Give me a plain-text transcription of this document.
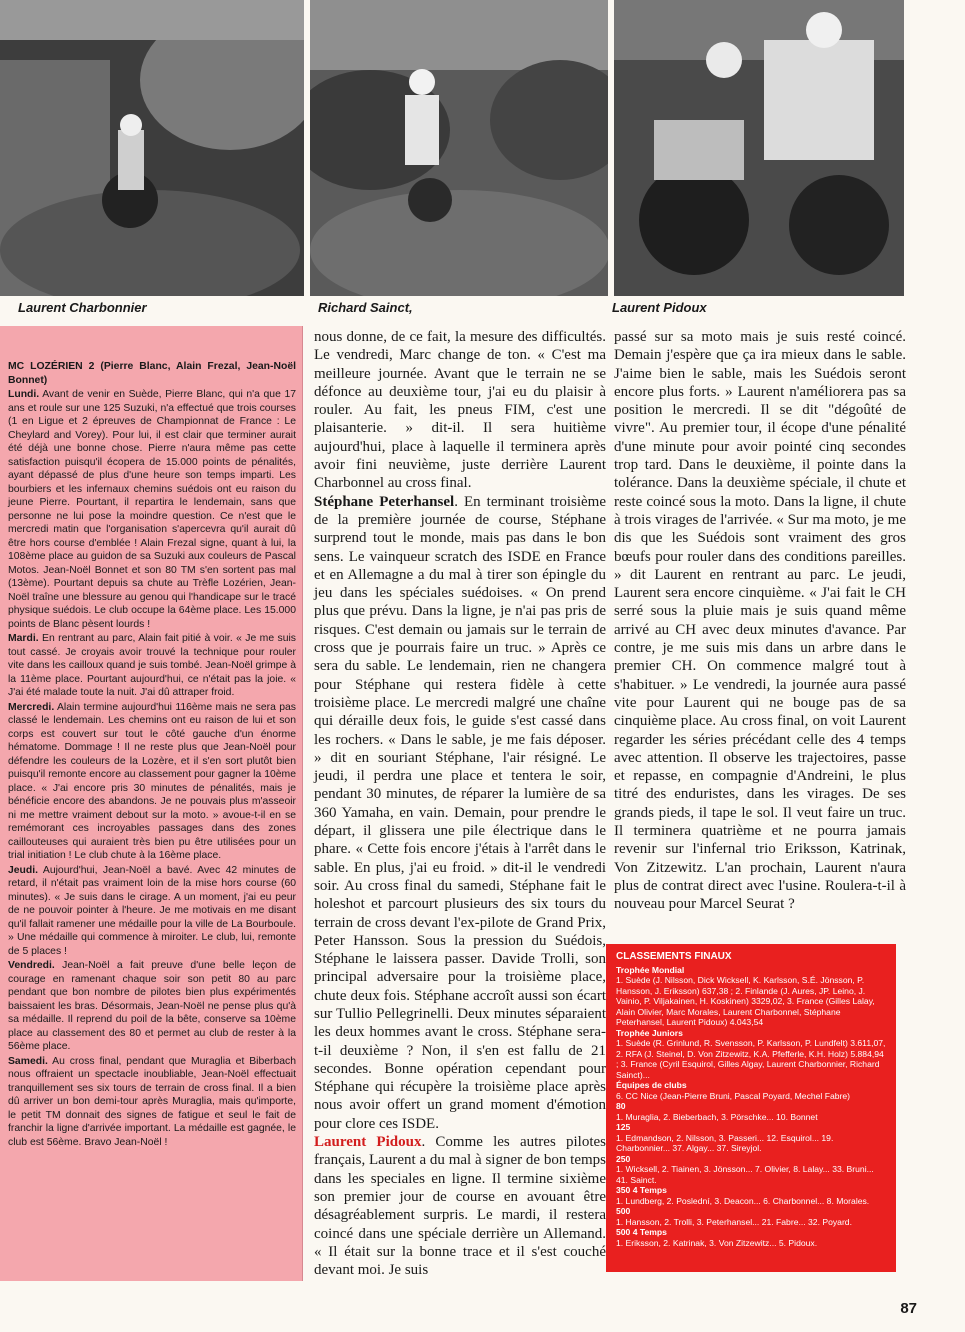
Laurent Charbonnier	Richard Sainct,	Laurent Pidoux

MC LOZÉRIEN 2 (Pierre Blanc, Alain Frezal, Jean-Noël Bonnet)

Lundi. Avant de venir en Suède, Pierre Blanc, qui n'a que 17 ans et roule sur une 125 Suzuki, n'a effectué que trois courses (1 en Ligue et 2 épreuves de Championnat de France : Le Cheylard and Vorey). Pour lui, il est clair que terminer aurait été déjà une bonne chose. Pierre n'aura même pas cette satisfaction puisqu'il écopera de 15.000 points de pénalités, ayant dépassé de plus d'une heure son temps imparti. Les bourbiers et les infernaux chemins suédois ont eu raison du jeune Pierre. Pourtant, il repartira le lendemain, sans que personne ne lui pose la moindre question. Ce n'est que le mercredi matin que l'organisation s'apercevra qu'il aurait dû être hors course d'emblée ! Alain Frezal signe, quant à lui, la 108ème place au guidon de sa Suzuki aux couleurs de Pascal Motos. Jean-Noël Bonnet et son 80 TM s'en sortent pas mal (13ème). Pourtant depuis sa chute au Trèfle Lozérien, Jean-Noël traîne une blessure au genou qui l'handicape sur le tracé physique suédois. Le club occupe la 64ème place. Les 15.000 points de Blanc pèsent lourds !

Mardi. En rentrant au parc, Alain fait pitié à voir. « Je me suis tout cassé. Je croyais avoir trouvé la technique pour rouler vite dans les cailloux quand je suis tombé. Jean-Noël grimpe à la 11ème place. Pourtant aujourd'hui, ce n'était pas la joie. « J'ai été malade toute la nuit. J'ai dû attraper froid.

Mercredi. Alain termine aujourd'hui 116ème mais ne sera pas classé le lendemain. Les chemins ont eu raison de lui et son corps est couvert sur tout le côté gauche d'un énorme hématome. Dommage ! Il ne reste plus que Jean-Noël pour défendre les couleurs de la Lozère, et il s'en sort plutôt bien puisqu'il remonte encore au classement pour gagner la 10ème place. « J'ai encore pris 30 minutes de pénalités, mais je bénéficie encore des abandons. Je ne pouvais plus m'asseoir ni me mettre vraiment debout sur la moto. » avoue-t-il en se remémorant ces incroyables passages dans des zones caillouteuses qui auraient très bien pu être utilisées pour un trial initiation ! Le club chute à la 16ème place.

Jeudi. Aujourd'hui, Jean-Noël a bavé. Avec 42 minutes de retard, il n'était pas vraiment loin de la mise hors course (60 minutes). « Je suis dans le cirage. A un moment, j'ai eu peur de ne pouvoir pointer à l'heure. Je me motivais en me disant qu'il fallait ramener une médaille pour la ville de La Bourboule. » Une médaille qui commence à miroiter. Le club, lui, remonte de 5 places !

Vendredi. Jean-Noël a fait preuve d'une belle leçon de courage en ramenant chaque soir son petit 80 au parc pendant que bon nombre de pilotes bien plus expérimentés baissaient les bras. Désormais, Jean-Noël ne pense plus qu'à sa médaille. Il reprend du poil de la bête, conserve sa 10ème place au classement des 80 et permet au club de rester à la 56ème place.

Samedi. Au cross final, pendant que Muraglia et Biberbach nous offraient un spectacle inoubliable, Jean-Noël effectuait tranquillement ses six tours de terrain de cross final. Il a bien dû arriver un bon demi-tour après Muraglia, mais qu'importe, le petit TM donnait des signes de fatigue et seul le fait de franchir la ligne d'arrivée important. La médaille est gagnée, le club est 56ème. Bravo Jean-Noël !

nous donne, de ce fait, la mesure des difficultés. Le vendredi, Marc change de ton. « C'est ma meilleure journée. Avant que le terrain ne se défonce au deuxième tour, j'ai eu du plaisir à rouler. Au fait, les pneus FIM, c'est une plaisanterie. » dit-il. Il sera huitième aujourd'hui, place à laquelle il terminera après avoir fini neuvième, juste derrière Laurent Charbonnel au cross final.

Stéphane Peterhansel. En terminant troisième de la première journée de course, Stéphane surprend tout le monde, mais pas dans le bon sens. Le vainqueur scratch des ISDE en France et en Allemagne a du mal à tirer son épingle du jeu dans les spéciales suédoises. « On prend plus que prévu. Dans la ligne, je n'ai pas pris de risques. C'est demain ou jamais sur le terrain de cross que je pourrais faire un truc. » Après ce sera du sable. Le lendemain, rien ne changera pour Stéphane qui restera fidèle à cette troisième place. Le mercredi malgré une chaîne qui déraille deux fois, le guide s'est cassé dans les rochers. « Dans le sable, je me fais déposer. » dit en souriant Stéphane, l'air résigné. Le jeudi, il perdra une place et tentera le soir, pendant 30 minutes, de réparer la lumière de sa 360 Yamaha, en vain. Demain, pour prendre le départ, il glissera une pile électrique dans le phare. « Cette fois encore j'étais à l'arrêt dans le sable. En plus, j'ai eu froid. » dit-il le vendredi soir. Au cross final du samedi, Stéphane fait le holeshot et parcourt plusieurs des six tours du terrain de cross devant l'ex-pilote de Grand Prix, Peter Hansson. Sous la pression du Suédois, Stéphane le laissera passer. Davide Trolli, son principal adversaire pour la troisième place, chute deux fois. Stéphane accroît aussi son écart sur Tullio Pellegrinelli. Deux minutes séparaient les deux hommes avant le cross. Stéphane sera-t-il deuxième ? Non, il s'en est fallu de 21 secondes. Bonne opération cependant pour Stéphane qui récupère la troisième place après nous avoir offert un grand moment d'émotion pour clore ces ISDE.

Laurent Pidoux. Comme les autres pilotes français, Laurent a du mal à signer de bon temps dans les speciales en ligne. Il termine sixième son premier jour de course en avouant être désagréablement surpris. Le mardi, il restera coincé dans une spéciale derrière un Allemand. « Il était sur la bonne trace et il s'est couché devant moi. Je suis

passé sur sa moto mais je suis resté coincé. Demain j'espère que ça ira mieux dans le sable. J'aime bien le sable, mais les Suédois seront encore plus forts. » Laurent n'améliorera pas sa position le mercredi. Il se dit "dégoûté de vivre". Au premier tour, il écope d'une pénalité d'une minute pour avoir pointé cinq secondes trop tard. Dans le deuxième, il pointe dans la tolérance. Dans la deuxième spéciale, il chute et reste coincé sous la moto. Dans la ligne, il chute à trois virages de l'arrivée. « Sur ma moto, je me dis que les Suédois sont vraiment des gros bœufs pour rouler dans des conditions pareilles. » dit Laurent en rentrant au parc. Le jeudi, Laurent sera encore cinquième. « J'ai fait le CH serré sous la pluie mais je suis quand même arrivé au CH avec deux minutes d'avance. Par contre, je me suis mis dans un arbre dans le premier CH. On commence malgré tout à s'habituer. » Le vendredi, la journée aura passé vite pour Laurent qui ne bouge pas de sa cinquième place. Au cross final, on voit Laurent regarder les séries précédant celle des 4 temps avec attention. Il observe les trajectoires, passe et repasse, en compagnie d'Andreini, le plus titré des enduristes, dans les virages. De ses grands pieds, il tape le sol. Il veut faire un truc. Il terminera quatrième et ne pourra jamais revenir sur l'infernal trio Eriksson, Katrinak, Von Zitzewitz. L'an prochain, Laurent n'aura plus de contrat direct avec l'usine. Roulera-t-il à nouveau pour Marcel Seurat ?

CLASSEMENTS FINAUX

Trophée Mondial

1. Suède (J. Nilsson, Dick Wicksell, K. Karlsson, S.É. Jönsson, P. Hansson, J. Eriksson) 637,38 ; 2. Finlande (J. Aures, JP. Leino, J. Vainio, P. Viljakainen, H. Koskinen) 3329,02, 3. France (Gilles Lalay, Alain Olivier, Marc Morales, Laurent Charbonnel, Stéphane Peterhansel, Laurent Pidoux) 4.043,54

Trophée Juniors

1. Suède (R. Grinlund, R. Svensson, P. Karlsson, P. Lundfelt) 3.611,07, 2. RFA (J. Steinel, D. Von Zitzewitz, K.A. Pfefferle, K.H. Holz) 5.884,94 ; 3. France (Cyril Esquirol, Gilles Algay, Laurent Charbonnier, Richard Sainct)...

Équipes de clubs

6. CC Nice (Jean-Pierre Bruni, Pascal Poyard, Mechel Fabre)

80

1. Muraglia, 2. Bieberbach, 3. Pörschke... 10. Bonnet

125

1. Edmandson, 2. Nilsson, 3. Passeri... 12. Esquirol... 19. Charbonnier... 37. Algay... 37. Sireyjol.

250

1. Wicksell, 2. Tiainen, 3. Jönsson... 7. Olivier, 8. Lalay... 33. Bruni... 41. Sainct.

350 4 Temps

1. Lundberg, 2. Poslední, 3. Deacon... 6. Charbonnel... 8. Morales.

500

1. Hansson, 2. Trolli, 3. Peterhansel... 21. Fabre... 32. Poyard.

500 4 Temps

1. Eriksson, 2. Katrinak, 3. Von Zitzewitz... 5. Pidoux.

87
